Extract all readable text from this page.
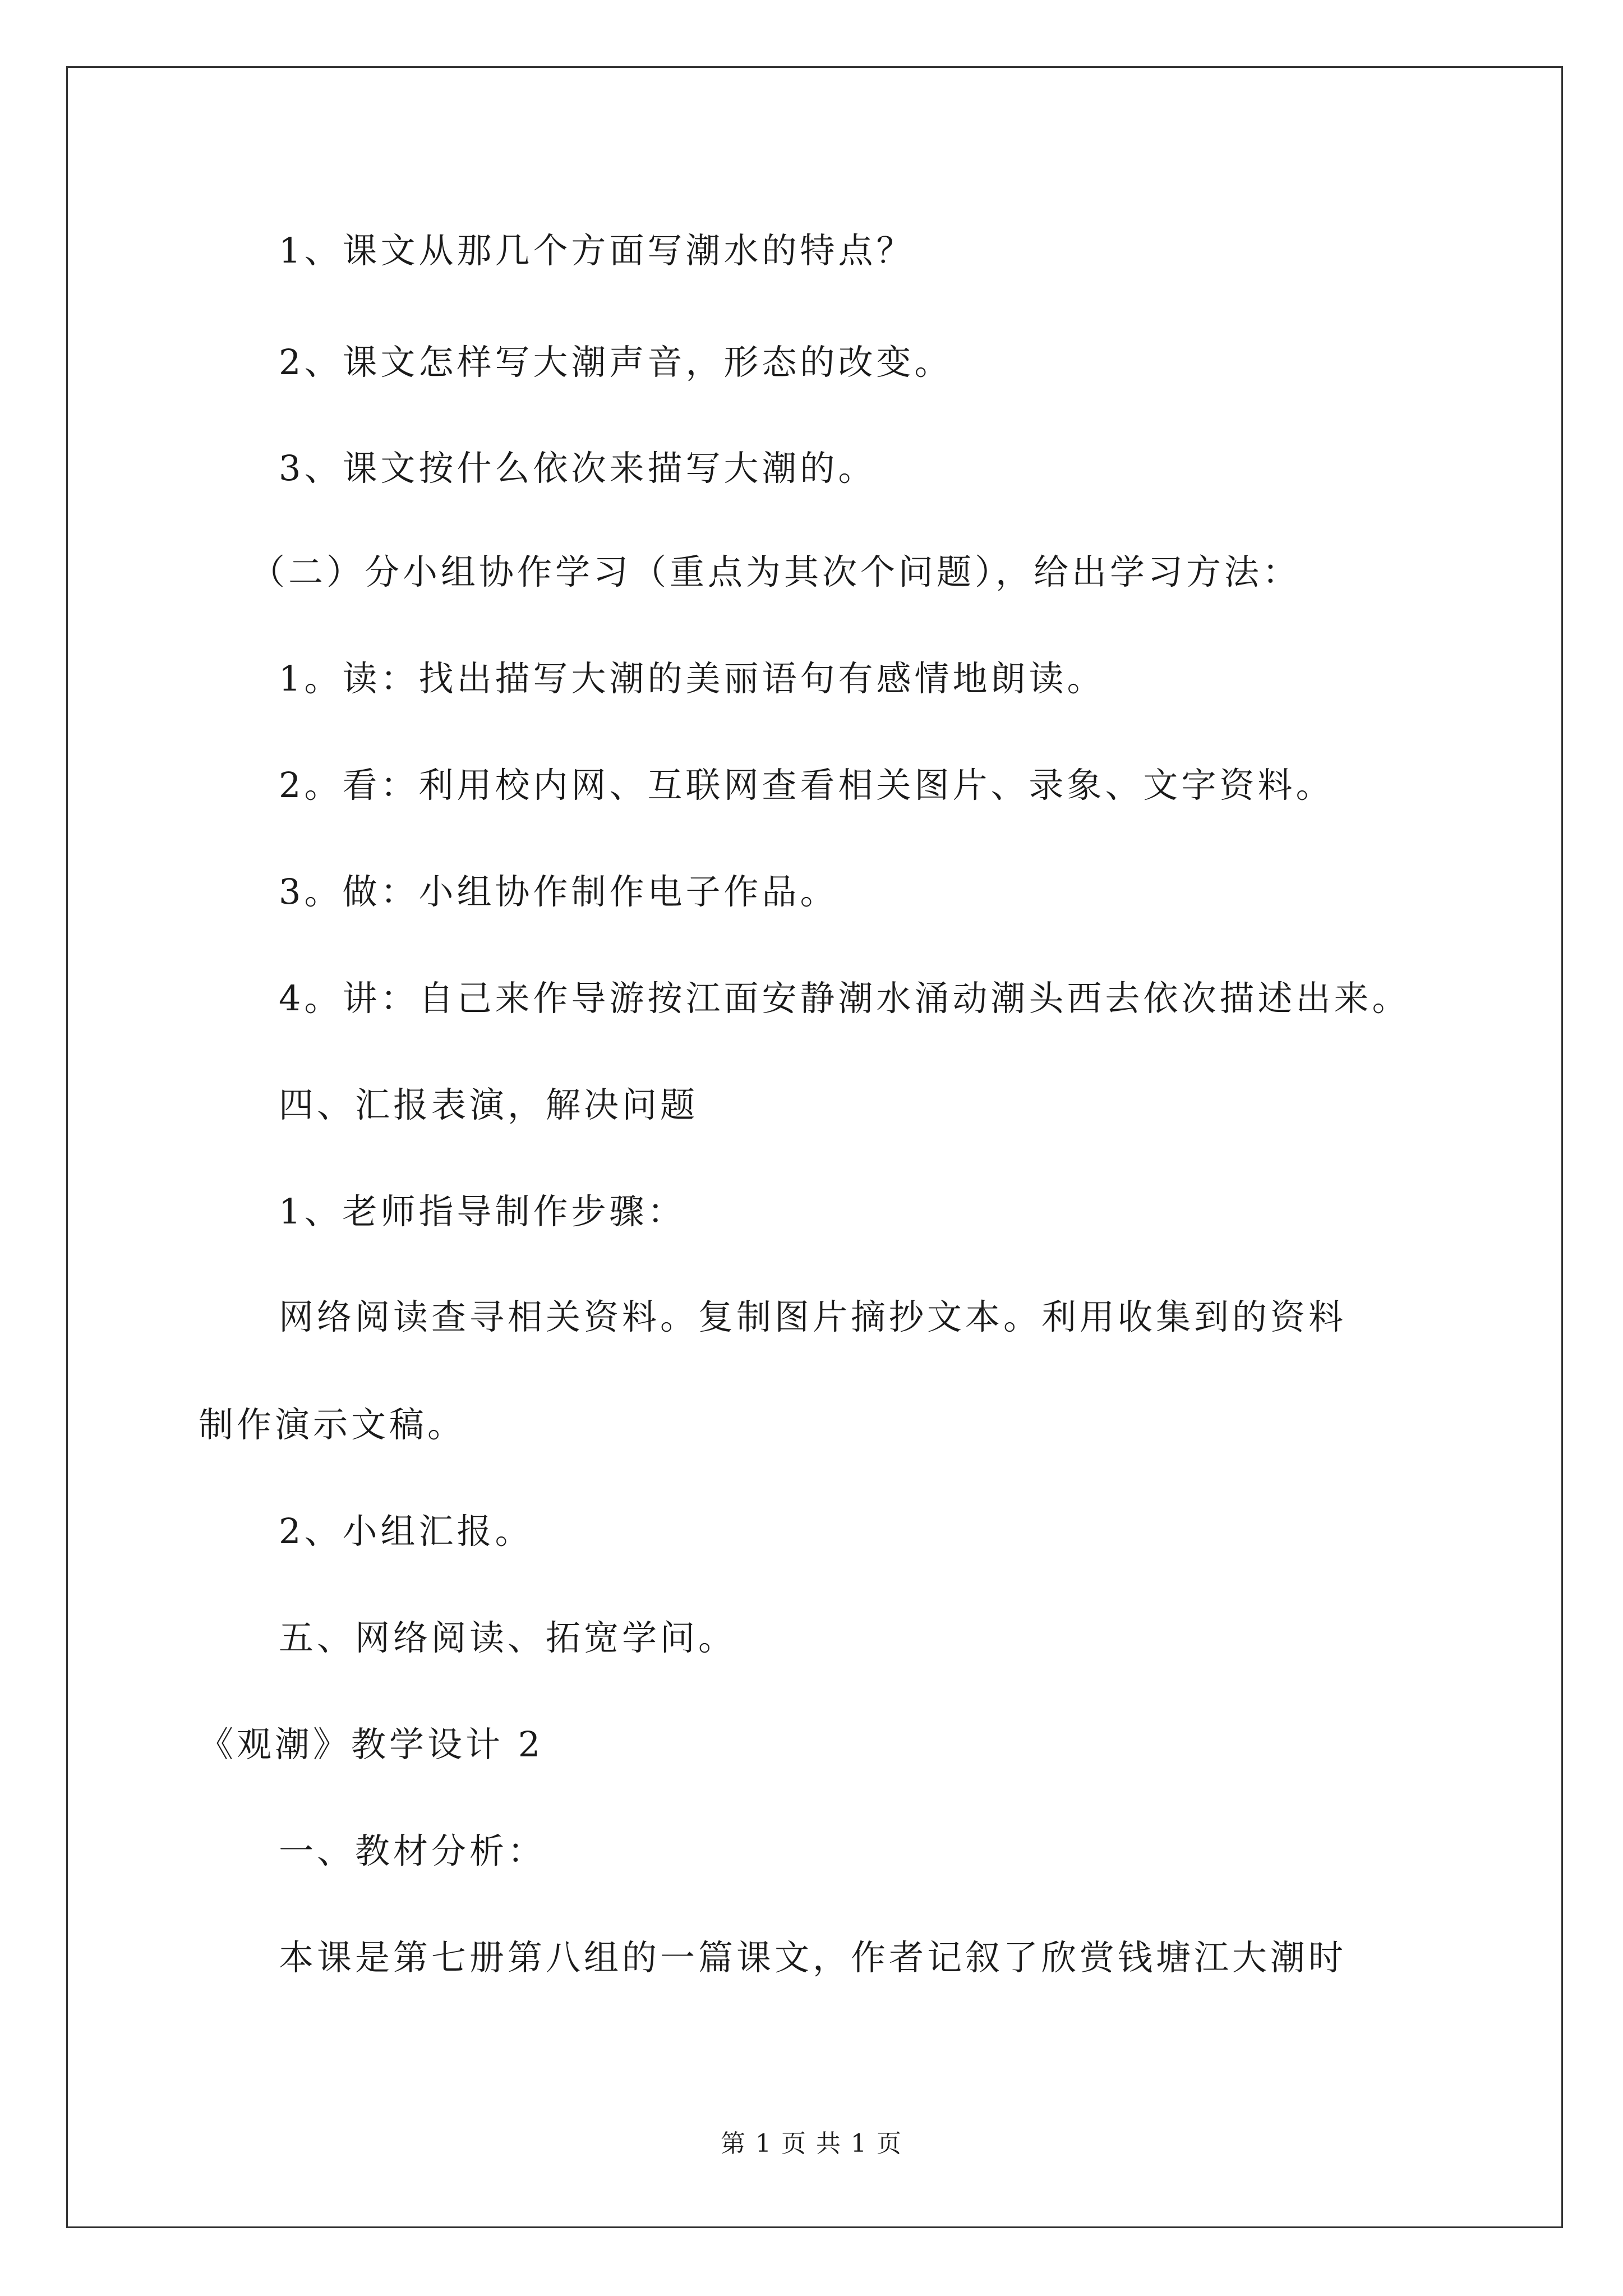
1、课文从那几个方面写潮水的特点？
2、课文怎样写大潮声音，形态的改变。
3、课文按什么依次来描写大潮的。
（二）分小组协作学习（重点为其次个问题），给出学习方法：
1。读：找出描写大潮的美丽语句有感情地朗读。
2。看：利用校内网、互联网查看相关图片、录象、文字资料。
3。做：小组协作制作电子作品。
4。讲：自己来作导游按江面安静潮水涌动潮头西去依次描述出来。
四、汇报表演，解决问题
1、老师指导制作步骤：
网络阅读查寻相关资料。复制图片摘抄文本。利用收集到的资料
制作演示文稿。
2、小组汇报。
五、网络阅读、拓宽学问。
《观潮》教学设计 2
一、教材分析：
本课是第七册第八组的一篇课文，作者记叙了欣赏钱塘江大潮时
第 1 页 共 1 页
